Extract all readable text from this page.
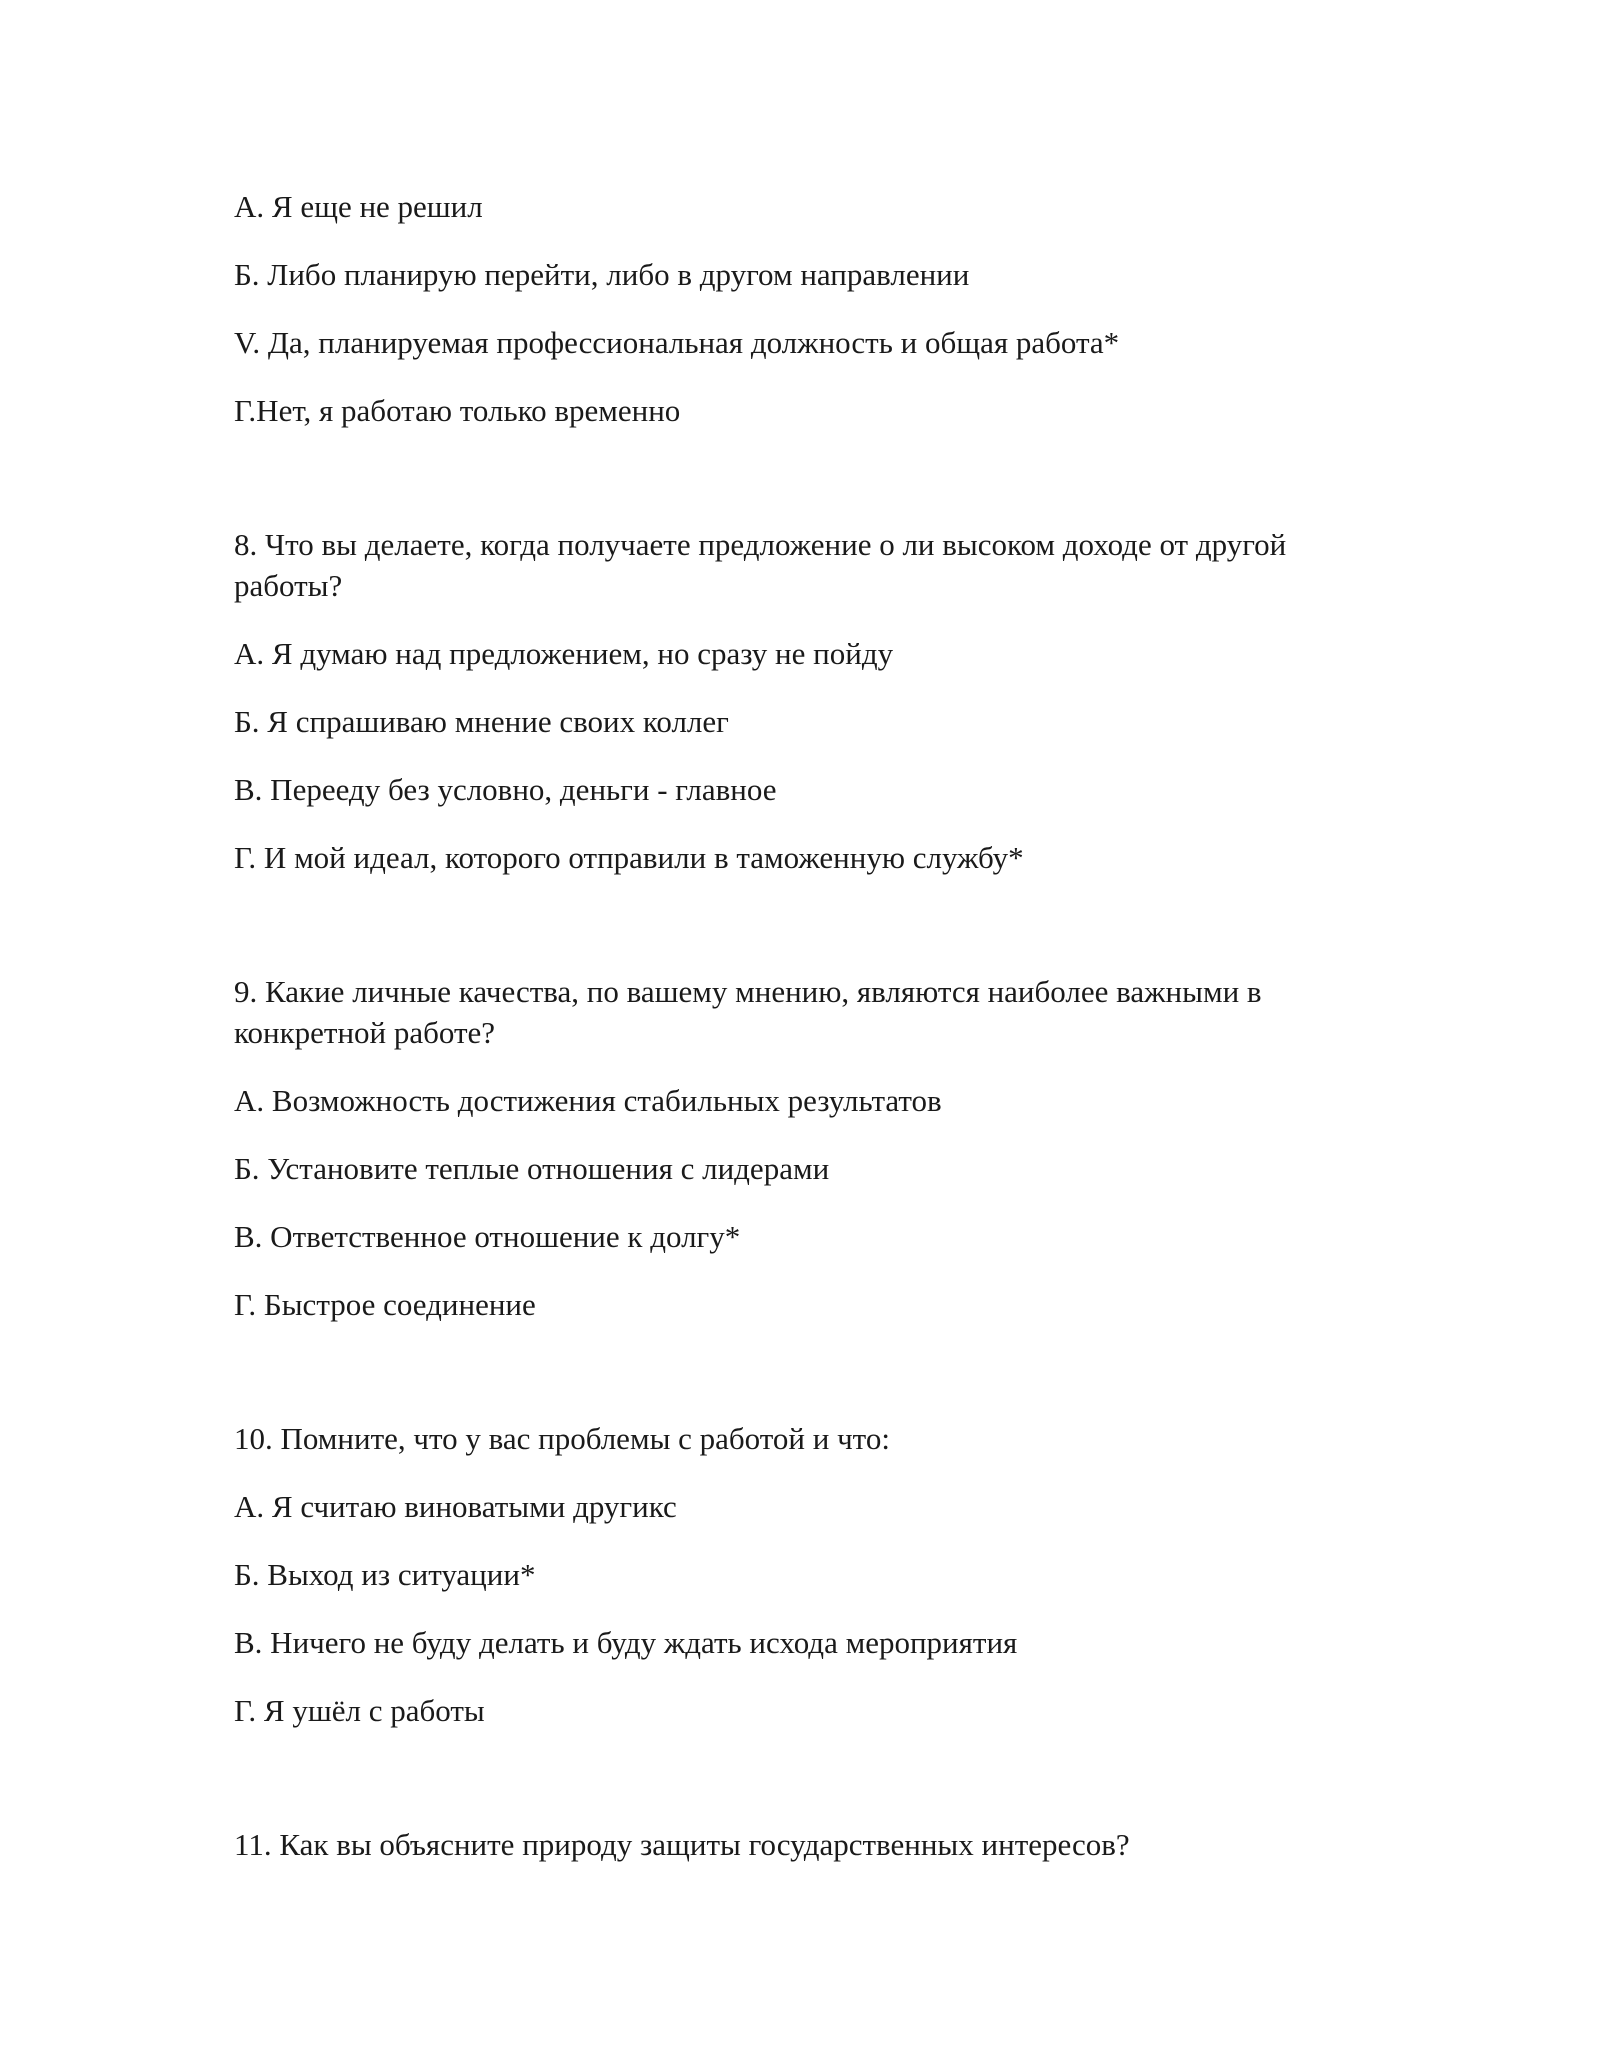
А. Я еще не решил
Б. Либо планирую перейти, либо в другом направлении
V. Да, планируемая профессиональная должность и общая работа*
Г.Нет, я работаю только временно
8. Что вы делаете, когда получаете предложение о ли высоком доходе от другой работы?
А. Я думаю над предложением, но сразу не пойду
Б. Я спрашиваю мнение своих коллег
В. Перееду без условно, деньги - главное
Г. И мой идеал, которого отправили в таможенную службу*
9. Какие личные качества, по вашему мнению, являются наиболее важными в конкретной работе?
А. Возможность достижения стабильных результатов
Б. Установите теплые отношения с лидерами
В. Ответственное отношение к долгу*
Г. Быстрое соединение
10. Помните, что у вас проблемы с работой и что:
А. Я считаю виноватыми другикс
Б. Выход из ситуации*
В. Ничего не буду делать и буду ждать исхода мероприятия
Г. Я ушёл с работы
11. Как вы объясните природу защиты государственных интересов?
